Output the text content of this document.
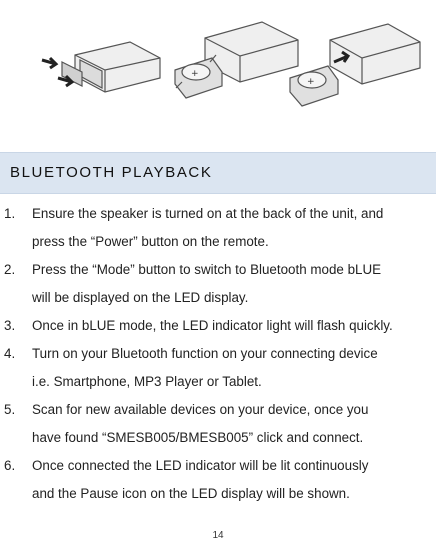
+
+
BLUETOOTH PLAYBACK
1. Ensure the speaker is turned on at the back of the unit, and
press the “Power” button on the remote.
2. Press the “Mode” button to switch to Bluetooth mode bLUE
will be displayed on the LED display.
3. Once in bLUE mode, the LED indicator light will flash quickly.
4. Turn on your Bluetooth function on your connecting device
i.e. Smartphone, MP3 Player or Tablet.
5. Scan for new available devices on your device, once you
have found “SMESB005/BMESB005” click and connect.
6. Once connected the LED indicator will be lit continuously
and the Pause icon on the LED display will be shown.
14
